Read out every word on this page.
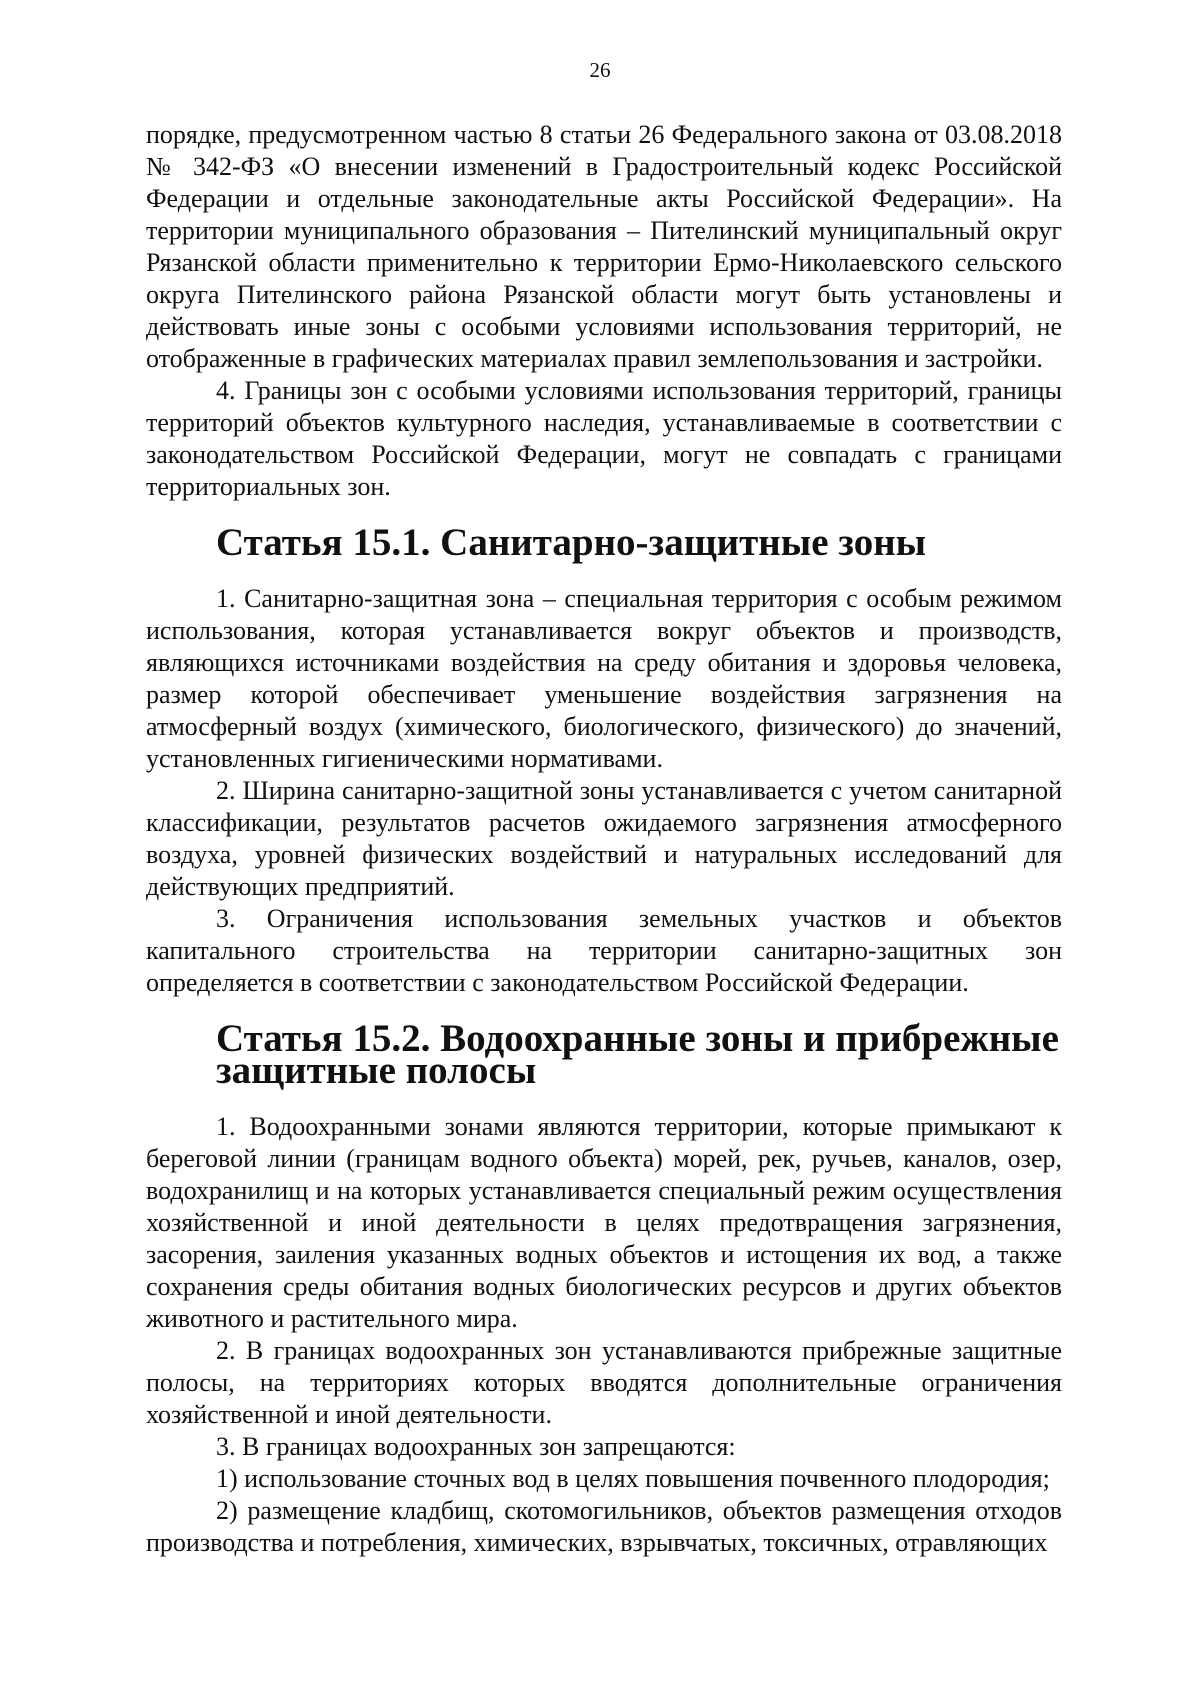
26

порядке, предусмотренном частью 8 статьи 26 Федерального закона от 03.08.2018 № 342-ФЗ «О внесении изменений в Градостроительный кодекс Российской Федерации и отдельные законодательные акты Российской Федерации». На территории муниципального образования – Пителинский муниципальный округ Рязанской области применительно к территории Ермо-Николаевского сельского округа Пителинского района Рязанской области могут быть установлены и действовать иные зоны с особыми условиями использования территорий, не отображенные в графических материалах правил землепользования и застройки.

4. Границы зон с особыми условиями использования территорий, границы территорий объектов культурного наследия, устанавливаемые в соответствии с законодательством Российской Федерации, могут не совпадать с границами территориальных зон.

Статья 15.1. Санитарно-защитные зоны

1. Санитарно-защитная зона – специальная территория с особым режимом использования, которая устанавливается вокруг объектов и производств, являющихся источниками воздействия на среду обитания и здоровья человека, размер которой обеспечивает уменьшение воздействия загрязнения на атмосферный воздух (химического, биологического, физического) до значений, установленных гигиеническими нормативами.

2. Ширина санитарно-защитной зоны устанавливается с учетом санитарной классификации, результатов расчетов ожидаемого загрязнения атмосферного воздуха, уровней физических воздействий и натуральных исследований для действующих предприятий.

3. Ограничения использования земельных участков и объектов капитального строительства на территории санитарно-защитных зон определяется в соответствии с законодательством Российской Федерации.

Статья 15.2. Водоохранные зоны и прибрежные защитные полосы

1. Водоохранными зонами являются территории, которые примыкают к береговой линии (границам водного объекта) морей, рек, ручьев, каналов, озер, водохранилищ и на которых устанавливается специальный режим осуществления хозяйственной и иной деятельности в целях предотвращения загрязнения, засорения, заиления указанных водных объектов и истощения их вод, а также сохранения среды обитания водных биологических ресурсов и других объектов животного и растительного мира.

2. В границах водоохранных зон устанавливаются прибрежные защитные полосы, на территориях которых вводятся дополнительные ограничения хозяйственной и иной деятельности.

3. В границах водоохранных зон запрещаются:

1) использование сточных вод в целях повышения почвенного плодородия;

2) размещение кладбищ, скотомогильников, объектов размещения отходов производства и потребления, химических, взрывчатых, токсичных, отравляющих
